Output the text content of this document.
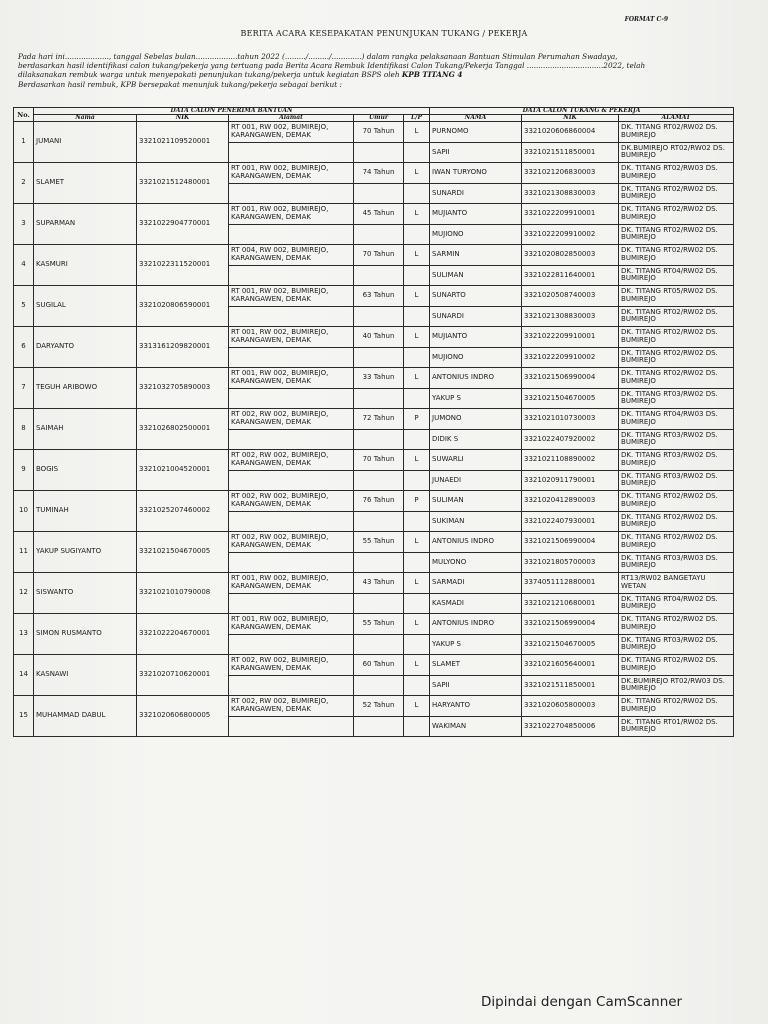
FORMAT C-9
BERITA ACARA KESEPAKATAN PENUNJUKAN TUKANG / PEKERJA

Pada hari ini..................., tanggal Sebelas bulan..................tahun 2022 (........./........./.............) dalam rangka pelaksanaan Bantuan Stimulan Perumahan Swadaya,

berdasarkan hasil identifikasi calon tukang/pekerja yang tertuang pada Berita Acara Rembuk Identifikasi Calon Tukang/Pekerja Tanggal .................................2022, telah

dilaksanakan rembuk warga untuk menyepakati penunjukan tukang/pekerja untuk kegiatan BSPS oleh KPB TITANG 4

Berdasarkan hasil rembuk, KPB bersepakat menunjuk tukang/pekerja sebagai berikut :

No.	DATA CALON PENERIMA BANTUAN					DATA CALON TUKANG & PEKERJA		
	Nama	NIK	Alamat	Umur	L/P	NAMA	NIK	ALAMAT
1	JUMANI	3321021109520001	RT 001, RW 002, BUMIREJO, KARANGAWEN, DEMAK	70 Tahun	L	PURNOMO	3321020606860004	DK. TITANG RT02/RW02 DS. BUMIREJO
						SAPII	3321021511850001	DK.BUMIREJO RT02/RW02 DS. BUMIREJO
2	SLAMET	3321021512480001	RT 001, RW 002, BUMIREJO, KARANGAWEN, DEMAK	74 Tahun	L	IWAN TURYONO	3321021206830003	DK. TITANG RT02/RW03 DS. BUMIREJO
						SUNARDI	3321021308830003	DK. TITANG RT02/RW02 DS. BUMIREJO
3	SUPARMAN	3321022904770001	RT 001, RW 002, BUMIREJO, KARANGAWEN, DEMAK	45 Tahun	L	MUJIANTO	3321022209910001	DK. TITANG RT02/RW02 DS. BUMIREJO
						MUJIONO	3321022209910002	DK. TITANG RT02/RW02 DS. BUMIREJO
4	KASMURI	3321022311520001	RT 004, RW 002, BUMIREJO, KARANGAWEN, DEMAK	70 Tahun	L	SARMIN	3321020802850003	DK. TITANG RT02/RW02 DS. BUMIREJO
						SULIMAN	3321022811640001	DK. TITANG RT04/RW02 DS. BUMIREJO
5	SUGILAL	3321020806590001	RT 001, RW 002, BUMIREJO, KARANGAWEN, DEMAK	63 Tahun	L	SUNARTO	3321020508740003	DK. TITANG RT05/RW02 DS. BUMIREJO
						SUNARDI	3321021308830003	DK. TITANG RT02/RW02 DS. BUMIREJO
6	DARYANTO	3313161209820001	RT 001, RW 002, BUMIREJO, KARANGAWEN, DEMAK	40 Tahun	L	MUJIANTO	3321022209910001	DK. TITANG RT02/RW02 DS. BUMIREJO
						MUJIONO	3321022209910002	DK. TITANG RT02/RW02 DS. BUMIREJO
7	TEGUH ARIBOWO	3321032705890003	RT 001, RW 002, BUMIREJO, KARANGAWEN, DEMAK	33 Tahun	L	ANTONIUS INDRO	3321021506990004	DK. TITANG RT02/RW02 DS. BUMIREJO
						YAKUP S	3321021504670005	DK. TITANG RT03/RW02 DS. BUMIREJO
8	SAIMAH	3321026802500001	RT 002, RW 002, BUMIREJO, KARANGAWEN, DEMAK	72 Tahun	P	JUMONO	3321021010730003	DK. TITANG RT04/RW03 DS. BUMIREJO
						DIDIK S	3321022407920002	DK. TITANG RT03/RW02 DS. BUMIREJO
9	BOGIS	3321021004520001	RT 002, RW 002, BUMIREJO, KARANGAWEN, DEMAK	70 Tahun	L	SUWARLI	3321021108890002	DK. TITANG RT03/RW02 DS. BUMIREJO
						JUNAEDI	3321020911790001	DK. TITANG RT03/RW02 DS. BUMIREJO
10	TUMINAH	3321025207460002	RT 002, RW 002, BUMIREJO, KARANGAWEN, DEMAK	76 Tahun	P	SULIMAN	3321020412890003	DK. TITANG RT02/RW02 DS. BUMIREJO
						SUKIMAN	3321022407930001	DK. TITANG RT02/RW02 DS. BUMIREJO
11	YAKUP SUGIYANTO	3321021504670005	RT 002, RW 002, BUMIREJO, KARANGAWEN, DEMAK	55 Tahun	L	ANTONIUS INDRO	3321021506990004	DK. TITANG RT02/RW02 DS. BUMIREJO
						MULYONO	3321021805700003	DK. TITANG RT03/RW03 DS. BUMIREJO
12	SISWANTO	3321021010790008	RT 001, RW 002, BUMIREJO, KARANGAWEN, DEMAK	43 Tahun	L	SARMADI	3374051112880001	RT13/RW02 BANGETAYU WETAN
						KASMADI	3321021210680001	DK. TITANG RT04/RW02 DS. BUMIREJO
13	SIMON RUSMANTO	3321022204670001	RT 001, RW 002, BUMIREJO, KARANGAWEN, DEMAK	55 Tahun	L	ANTONIUS INDRO	3321021506990004	DK. TITANG RT02/RW02 DS. BUMIREJO
						YAKUP S	3321021504670005	DK. TITANG RT03/RW02 DS. BUMIREJO
14	KASNAWI	3321020710620001	RT 002, RW 002, BUMIREJO, KARANGAWEN, DEMAK	60 Tahun	L	SLAMET	3321021605640001	DK. TITANG RT02/RW02 DS. BUMIREJO
						SAPII	3321021511850001	DK.BUMIREJO RT02/RW03 DS. BUMIREJO
15	MUHAMMAD DABUL	3321020606800005	RT 002, RW 002, BUMIREJO, KARANGAWEN, DEMAK	52 Tahun	L	HARYANTO	3321020605800003	DK. TITANG RT02/RW02 DS. BUMIREJO
						WAKIMAN	3321022704850006	DK. TITANG RT01/RW02 DS. BUMIREJO
Dipindai dengan CamScanner
